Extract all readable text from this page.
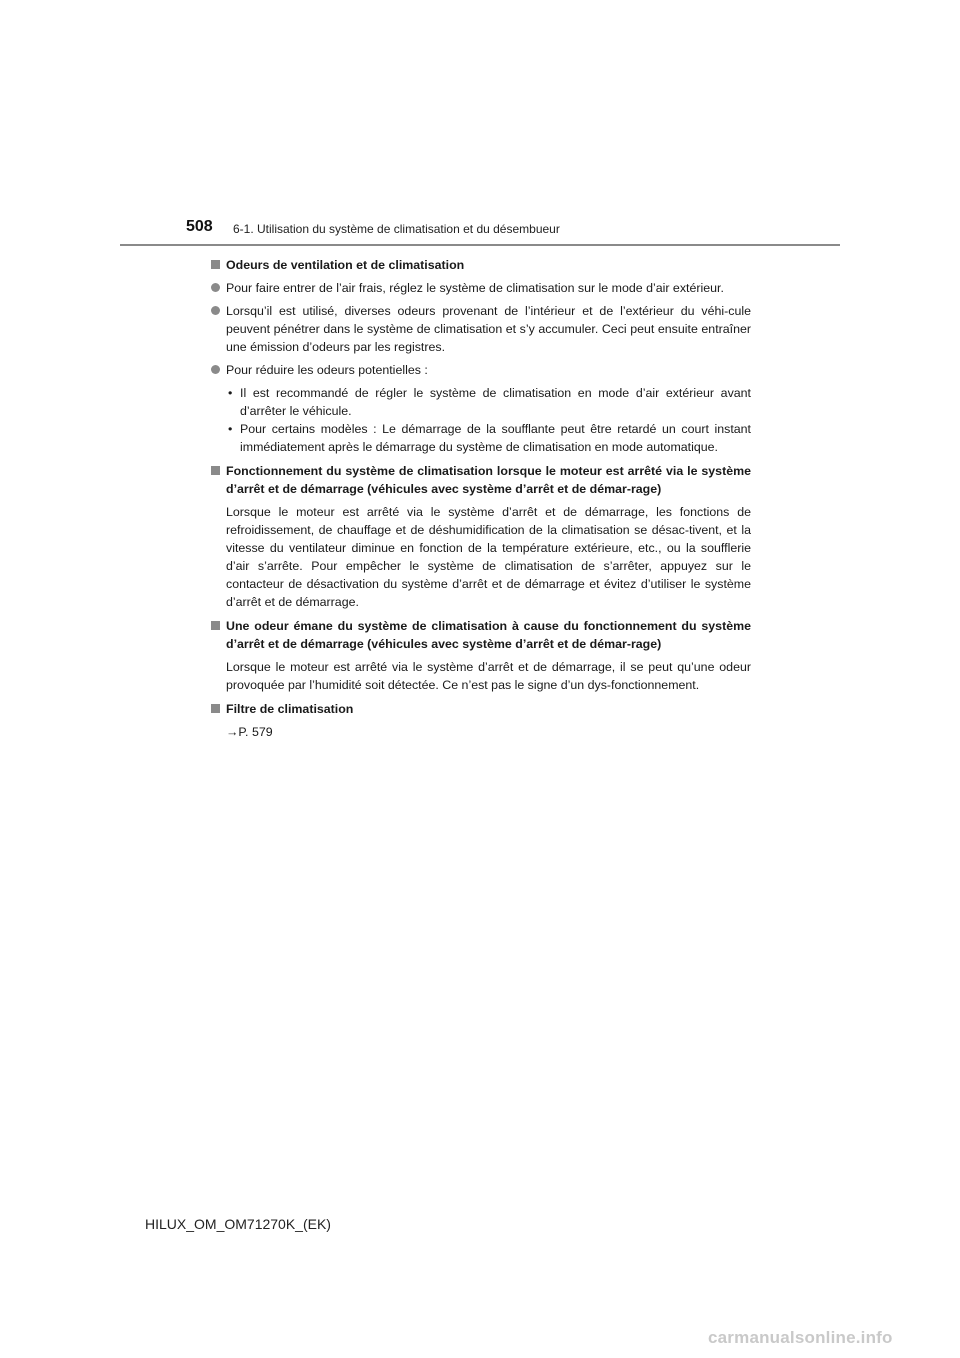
508 6-1. Utilisation du système de climatisation et du désembueur
Odeurs de ventilation et de climatisation
Pour faire entrer de l’air frais, réglez le système de climatisation sur le mode d’air extérieur.
Lorsqu’il est utilisé, diverses odeurs provenant de l’intérieur et de l’extérieur du véhi-cule peuvent pénétrer dans le système de climatisation et s’y accumuler. Ceci peut ensuite entraîner une émission d’odeurs par les registres.
Pour réduire les odeurs potentielles :
• Il est recommandé de régler le système de climatisation en mode d’air extérieur avant d’arrêter le véhicule.
• Pour certains modèles : Le démarrage de la soufflante peut être retardé un court instant immédiatement après le démarrage du système de climatisation en mode automatique.
Fonctionnement du système de climatisation lorsque le moteur est arrêté via le système d’arrêt et de démarrage (véhicules avec système d’arrêt et de démar-rage)
Lorsque le moteur est arrêté via le système d’arrêt et de démarrage, les fonctions de refroidissement, de chauffage et de déshumidification de la climatisation se désac-tivent, et la vitesse du ventilateur diminue en fonction de la température extérieure, etc., ou la soufflerie d’air s’arrête. Pour empêcher le système de climatisation de s’arrêter, appuyez sur le contacteur de désactivation du système d’arrêt et de démarrage et évitez d’utiliser le système d’arrêt et de démarrage.
Une odeur émane du système de climatisation à cause du fonctionnement du système d’arrêt et de démarrage (véhicules avec système d’arrêt et de démar-rage)
Lorsque le moteur est arrêté via le système d’arrêt et de démarrage, il se peut qu’une odeur provoquée par l’humidité soit détectée. Ce n’est pas le signe d’un dys-fonctionnement.
Filtre de climatisation
→P. 579
HILUX_OM_OM71270K_(EK)
carmanualsonline.info
